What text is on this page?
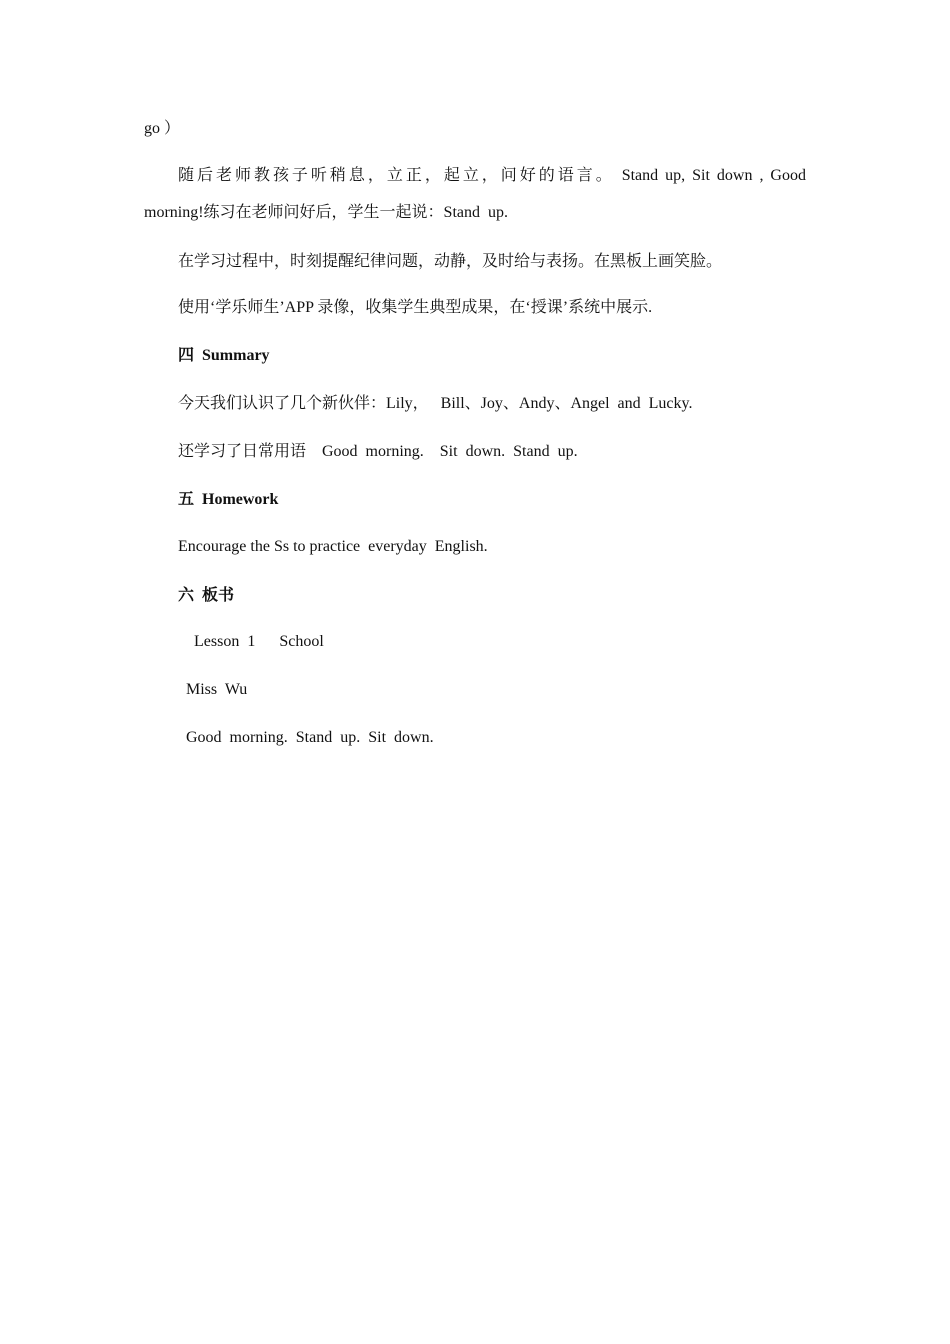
go ）
随后老师教孩子听稍息，立正，起立，问好的语言。 Stand up, Sit down , Good
morning!练习在老师问好后，学生一起说：Stand  up.
在学习过程中，时刻提醒纪律问题，动静，及时给与表扬。在黑板上画笑脸。
使用‘学乐师生’APP 录像，收集学生典型成果，在‘授课’系统中展示.
四  Summary
今天我们认识了几个新伙伴：Lily，   Bill、Joy、Andy、Angel  and  Lucky.
还学习了日常用语    Good  morning.    Sit  down.  Stand  up.
五  Homework
Encourage the Ss to practice  everyday  English.
六  板书
Lesson  1      School
Miss  Wu
Good  morning.  Stand  up.  Sit  down.
